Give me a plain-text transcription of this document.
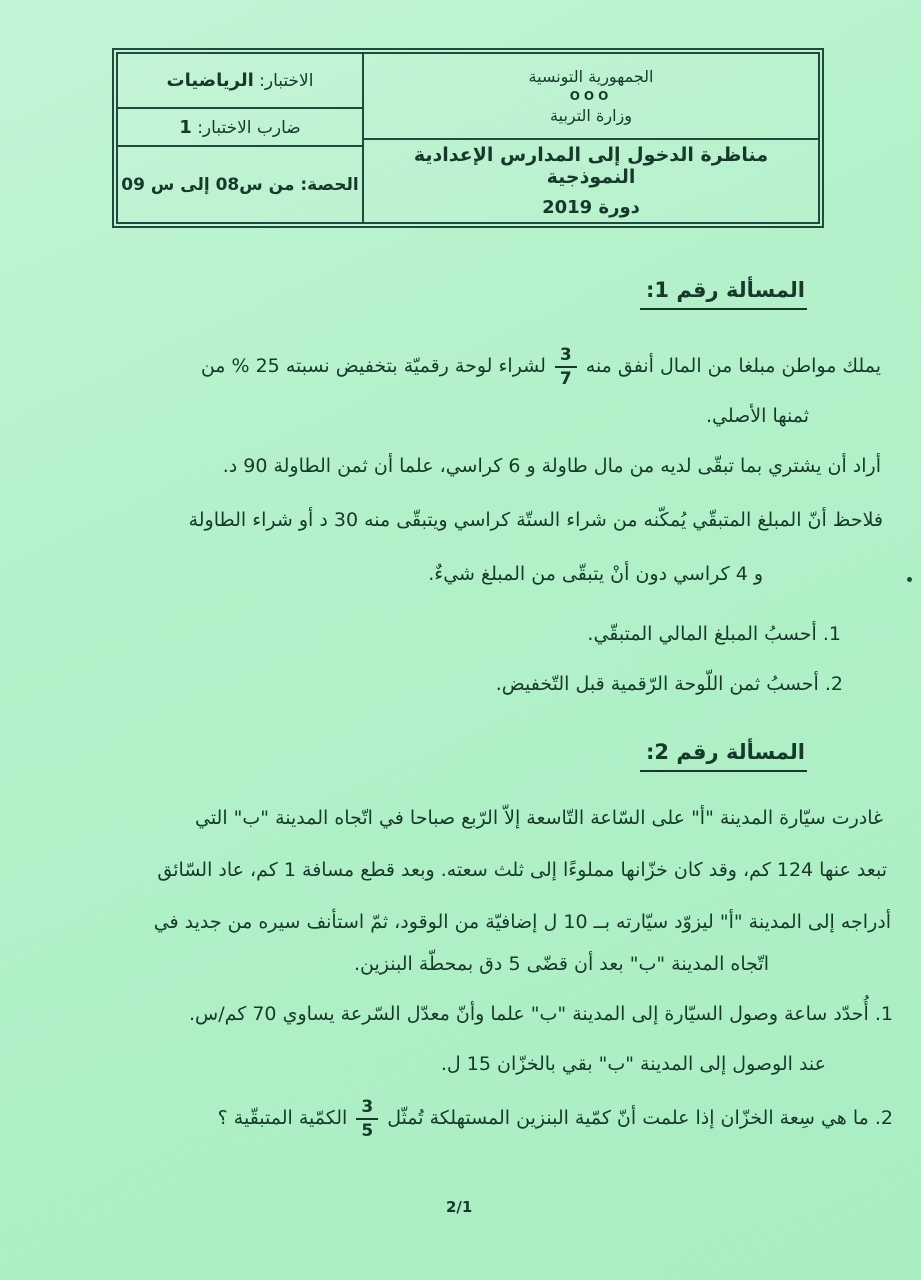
الجمهورية التونسية
OOO
وزارة التربية
مناظرة الدخول إلى المدارس الإعدادية النموذجية
دورة 2019
الاختبار: الرياضيات
ضارب الاختبار: 1
الحصة: من س08 إلى س 09
المسألة رقم 1:
يملك مواطن مبلغا من المال أنفق منه
$\frac{3}{7}$
لشراء لوحة رقميّة بتخفيض نسبته 25 % من
ثمنها الأصلي.
أراد أن يشتري بما تبقّى لديه من مال طاولة و 6 كراسي، علما أن ثمن الطاولة 90 د.
فلاحظ أنّ المبلغ المتبقّي يُمكّنه من شراء الستّة كراسي ويتبقّى منه 30 د أو شراء الطاولة
و 4 كراسي دون أنْ يتبقّى من المبلغ شيءٌ.
1. أحسبُ المبلغ المالي المتبقّي.
2. أحسبُ ثمن اللّوحة الرّقمية قبل التّخفيض.
المسألة رقم 2:
غادرت سيّارة المدينة "أ" على السّاعة التّاسعة إلاّ الرّبع صباحا في اتّجاه المدينة "ب" التي
تبعد عنها 124 كم، وقد كان خزّانها مملوءًا إلى ثلث سعته. وبعد قطع مسافة 1 كم، عاد السّائق
أدراجه إلى المدينة "أ" ليزوّد سيّارته بــ 10 ل إضافيّة من الوقود، ثمّ استأنف سيره من جديد في
اتّجاه المدينة "ب" بعد أن قضّى 5 دق بمحطّة البنزين.
1. أُحدّد ساعة وصول السيّارة إلى المدينة "ب" علما وأنّ معدّل السّرعة يساوي 70 كم/س.
عند الوصول إلى المدينة "ب" بقي بالخزّان 15 ل.
2. ما هي سِعة الخزّان إذا علمت أنّ كمّية البنزين المستهلكة تُمثّل
$\frac{3}{5}$
الكمّية المتبقّية ؟
2/1
